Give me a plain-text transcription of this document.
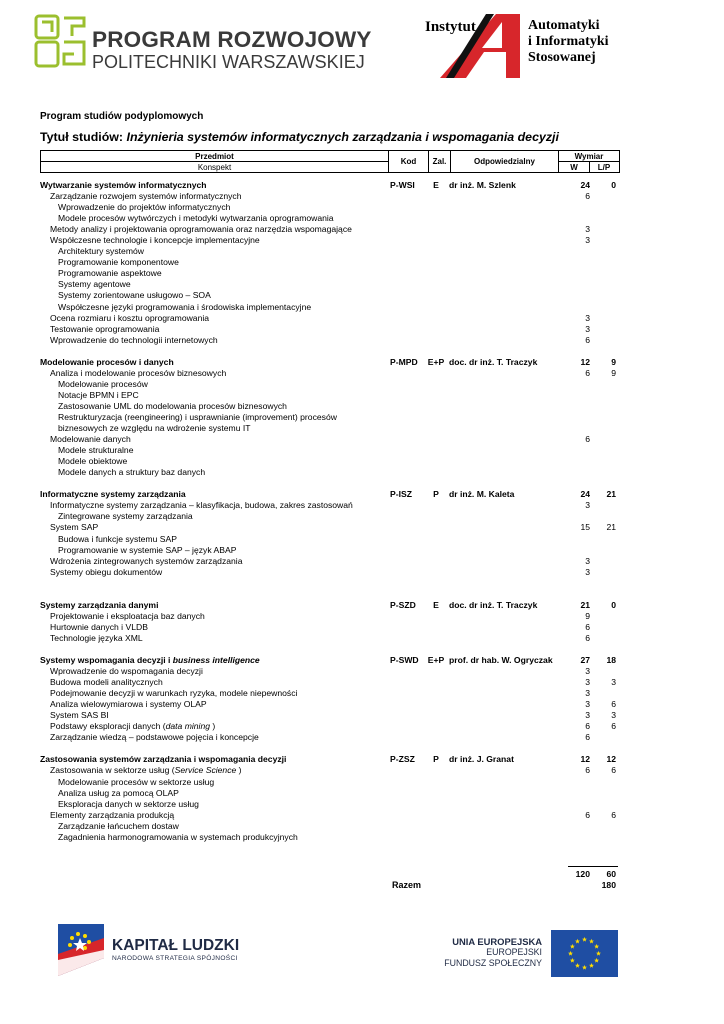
PROGRAM ROZWOJOWY
POLITECHNIKI WARSZAWSKIEJ
Instytut	Automatyki
i Informatyki
Stosowanej
Program studiów podyplomowych
Tytuł studiów: Inżynieria systemów informatycznych zarządzania i wspomagania decyzji
Przedmiot
Konspekt
Kod	Zal.	Odpowiedzialny
Wymiar
W	L/P
Wytwarzanie systemów informatycznych	P-WSI	E	dr inż. M. Szlenk	24	0
Zarządzanie rozwojem systemów informatycznych	6
Wprowadzenie do projektów informatycznych
Modele procesów wytwórczych i metodyki wytwarzania oprogramowania
Metody analizy i projektowania oprogramowania oraz narzędzia wspomagające	3
Współczesne technologie i koncepcje implementacyjne	3
Architektury systemów
Programowanie komponentowe
Programowanie aspektowe
Systemy agentowe
Systemy zorientowane usługowo – SOA
Współczesne języki programowania i środowiska implementacyjne
Ocena rozmiaru i kosztu oprogramowania	3
Testowanie oprogramowania	3
Wprowadzenie do technologii internetowych	6
Modelowanie procesów i danych	P-MPD	E+P doc. dr inż. T. Traczyk	12	9
Analiza i modelowanie procesów biznesowych	6	9
Modelowanie procesów
Notacje BPMN i EPC
Zastosowanie UML do modelowania procesów biznesowych
Restrukturyzacja (reengineering) i usprawnianie (improvement) procesów
biznesowych ze względu na wdrożenie systemu IT
Modelowanie danych	6
Modele strukturalne
Modele obiektowe
Modele danych a struktury baz danych
Informatyczne systemy zarządzania	P-ISZ	P	dr inż. M. Kaleta	24	21
Informatyczne systemy zarządzania – klasyfikacja, budowa, zakres zastosowań	3
Zintegrowane systemy zarządzania
System SAP	15	21
Budowa i funkcje systemu SAP
Programowanie w systemie SAP – język ABAP
Wdrożenia zintegrowanych systemów zarządzania	3
Systemy obiegu dokumentów	3
Systemy zarządzania danymi	P-SZD	E	doc. dr inż. T. Traczyk	21	0
Projektowanie i eksploatacja baz danych	9
Hurtownie danych i VLDB	6
Technologie języka XML	6
Systemy wspomagania decyzji i business intelligence	P-SWD	E+P prof. dr hab. W. Ogryczak	27	18
Wprowadzenie do wspomagania decyzji	3
Budowa modeli analitycznych	3	3
Podejmowanie decyzji w warunkach ryzyka, modele niepewności	3
Analiza wielowymiarowa i systemy OLAP	3	6
System SAS BI	3	3
Podstawy eksploracji danych (data mining )	6	6
Zarządzanie wiedzą – podstawowe pojęcia i koncepcje	6
Zastosowania systemów zarządzania i wspomagania decyzji	P-ZSZ	P	dr inż. J. Granat	12	12
Zastosowania w sektorze usług (Service Science )	6	6
Modelowanie procesów w sektorze usług
Analiza usług za pomocą OLAP
Eksploracja danych w sektorze usług
Elementy zarządzania produkcją	6	6
Zarządzanie łańcuchem dostaw
Zagadnienia harmonogramowania w systemach produkcyjnych
120	60
Razem	180
KAPITAŁ LUDZKI
NARODOWA STRATEGIA SPÓJNOŚCI
UNIA EUROPEJSKA
EUROPEJSKI
FUNDUSZ SPOŁECZNY
